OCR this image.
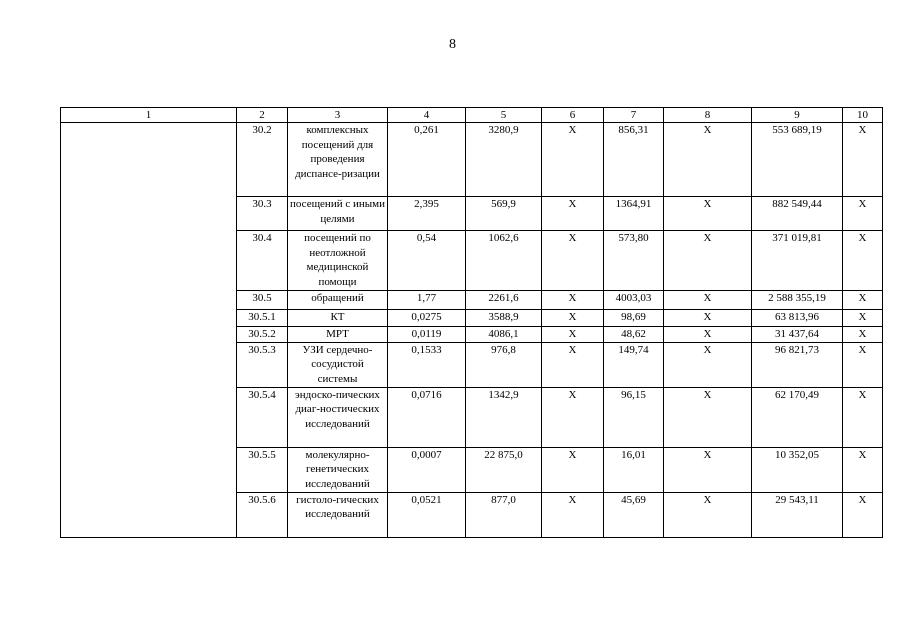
8
1	2	3	4	5	6	7	8	9	10
	30.2	комплексных посещений для проведения диспансе-ризации	0,261	3280,9	Х	856,31	Х	553 689,19	Х
	30.3	посещений с иными целями	2,395	569,9	Х	1364,91	Х	882 549,44	Х
	30.4	посещений по неотложной медицинской помощи	0,54	1062,6	Х	573,80	Х	371 019,81	Х
	30.5	обращений	1,77	2261,6	Х	4003,03	Х	2 588 355,19	Х
	30.5.1	КТ	0,0275	3588,9	Х	98,69	Х	63 813,96	Х
	30.5.2	МРТ	0,0119	4086,1	Х	48,62	Х	31 437,64	Х
	30.5.3	УЗИ сердечно-сосудистой системы	0,1533	976,8	Х	149,74	Х	96 821,73	Х
	30.5.4	эндоско-пических диаг-ностических исследований	0,0716	1342,9	Х	96,15	Х	62 170,49	Х
	30.5.5	молекулярно-генетических исследований	0,0007	22 875,0	Х	16,01	Х	10 352,05	Х
	30.5.6	гистоло-гических исследований	0,0521	877,0	Х	45,69	Х	29 543,11	Х
